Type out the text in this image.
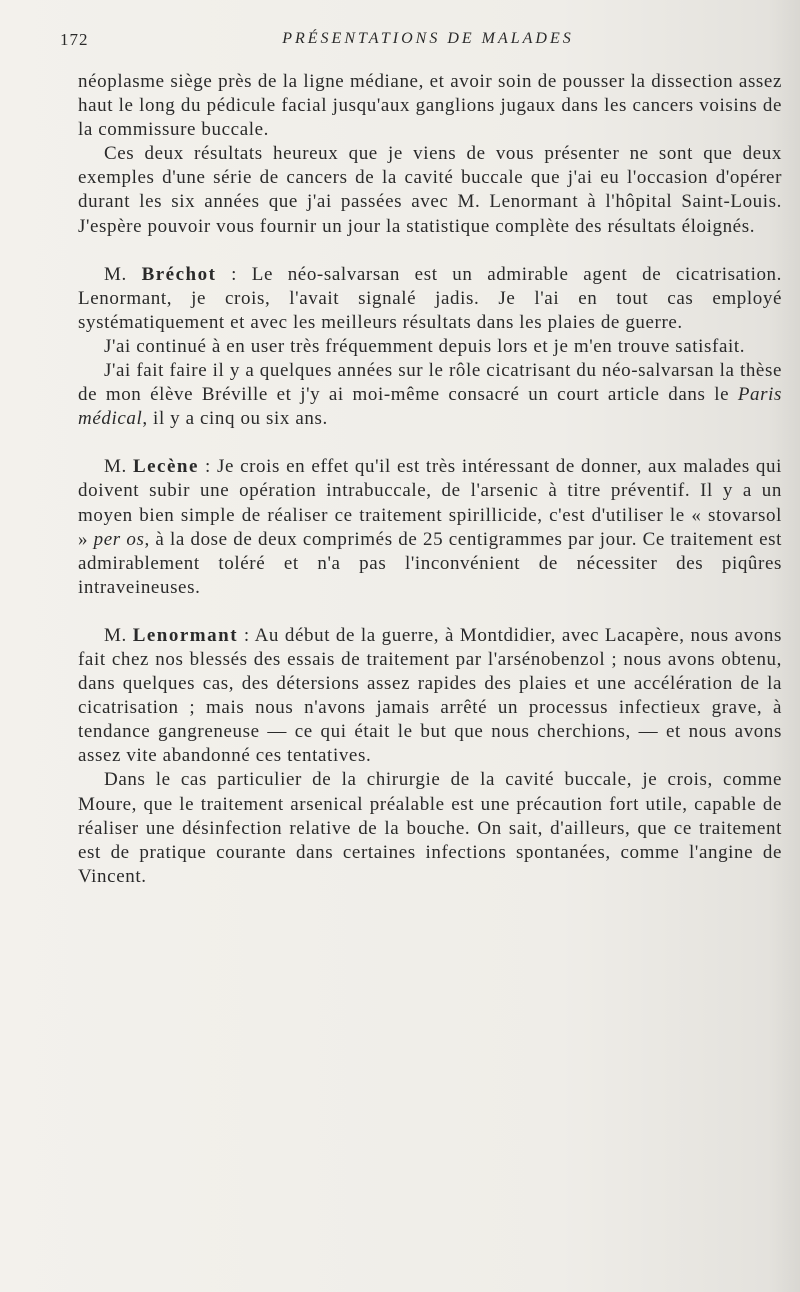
172	PRÉSENTATIONS DE MALADES

néoplasme siège près de la ligne médiane, et avoir soin de pousser la dissection assez haut le long du pédicule facial jusqu'aux ganglions jugaux dans les cancers voisins de la commissure buccale.

Ces deux résultats heureux que je viens de vous présenter ne sont que deux exemples d'une série de cancers de la cavité buccale que j'ai eu l'occasion d'opérer durant les six années que j'ai passées avec M. Lenormant à l'hôpital Saint-Louis. J'espère pouvoir vous fournir un jour la statistique complète des résultats éloignés.

M. Bréchot : Le néo-salvarsan est un admirable agent de cicatrisation. Lenormant, je crois, l'avait signalé jadis. Je l'ai en tout cas employé systématiquement et avec les meilleurs résultats dans les plaies de guerre.

J'ai continué à en user très fréquemment depuis lors et je m'en trouve satisfait.

J'ai fait faire il y a quelques années sur le rôle cicatrisant du néo-salvarsan la thèse de mon élève Bréville et j'y ai moi-même consacré un court article dans le Paris médical, il y a cinq ou six ans.

M. Lecène : Je crois en effet qu'il est très intéressant de donner, aux malades qui doivent subir une opération intrabuccale, de l'arsenic à titre préventif. Il y a un moyen bien simple de réaliser ce traitement spirillicide, c'est d'utiliser le « stovarsol » per os, à la dose de deux comprimés de 25 centigrammes par jour. Ce traitement est admirablement toléré et n'a pas l'inconvénient de nécessiter des piqûres intraveineuses.

M. Lenormant : Au début de la guerre, à Montdidier, avec Lacapère, nous avons fait chez nos blessés des essais de traitement par l'arsénobenzol ; nous avons obtenu, dans quelques cas, des détersions assez rapides des plaies et une accélération de la cicatrisation ; mais nous n'avons jamais arrêté un processus infectieux grave, à tendance gangreneuse — ce qui était le but que nous cherchions, — et nous avons assez vite abandonné ces tentatives.

Dans le cas particulier de la chirurgie de la cavité buccale, je crois, comme Moure, que le traitement arsenical préalable est une précaution fort utile, capable de réaliser une désinfection relative de la bouche. On sait, d'ailleurs, que ce traitement est de pratique courante dans certaines infections spontanées, comme l'angine de Vincent.
